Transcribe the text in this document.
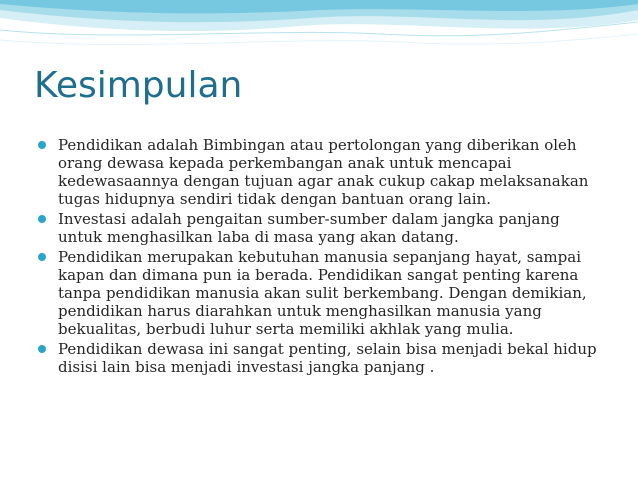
Kesimpulan
Pendidikan adalah Bimbingan atau pertolongan yang diberikan oleh orang dewasa kepada perkembangan anak untuk mencapai kedewasaannya dengan tujuan agar anak cukup cakap melaksanakan tugas hidupnya sendiri tidak dengan bantuan orang lain.
Investasi adalah pengaitan sumber-sumber dalam jangka panjang untuk menghasilkan laba di masa yang akan datang.
Pendidikan merupakan kebutuhan manusia sepanjang hayat, sampai kapan dan dimana pun ia berada. Pendidikan sangat penting karena tanpa pendidikan manusia akan sulit berkembang. Dengan demikian, pendidikan harus diarahkan untuk menghasilkan manusia yang bekualitas, berbudi luhur serta memiliki akhlak yang mulia.
Pendidikan dewasa ini sangat penting, selain bisa menjadi bekal hidup disisi lain bisa menjadi investasi jangka panjang .
